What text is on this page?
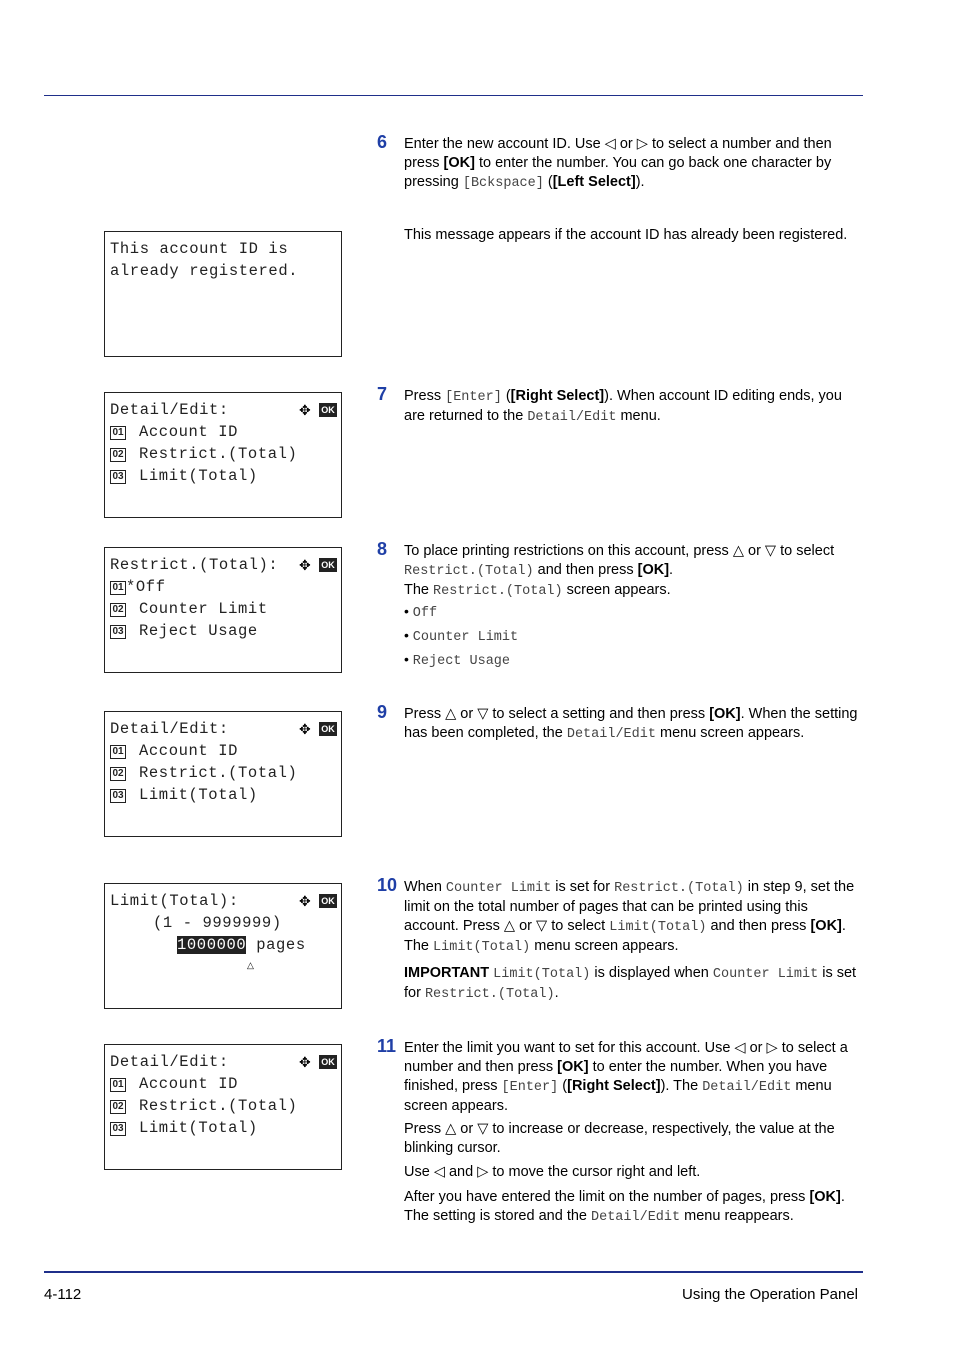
This account ID is
already registered.
Detail/Edit:	✥ OK
01 Account ID
02 Restrict.(Total)
03 Limit(Total)
Restrict.(Total): ✥ OK
01 *Off
02 Counter Limit
03 Reject Usage
Detail/Edit:	✥ OK
01 Account ID
02 Restrict.(Total)
03 Limit(Total)
Limit(Total):	✥ OK
(1 - 9999999)
1000000 pages
△
Detail/Edit:	✥ OK
01 Account ID
02 Restrict.(Total)
03 Limit(Total)
6 Enter the new account ID. Use ◁ or ▷ to select a number and then press [OK] to enter the number. You can go back one character by pressing [Bckspace] ([Left Select]).
This message appears if the account ID has already been registered.
7 Press [Enter] ([Right Select]). When account ID editing ends, you are returned to the Detail/Edit menu.
8 To place printing restrictions on this account, press △ or ▽ to select Restrict.(Total) and then press [OK].
The Restrict.(Total) screen appears.
• Off
• Counter Limit
• Reject Usage
9 Press △ or ▽ to select a setting and then press [OK]. When the setting has been completed, the Detail/Edit menu screen appears.
10 When Counter Limit is set for Restrict.(Total) in step 9, set the limit on the total number of pages that can be printed using this account. Press △ or ▽ to select Limit(Total) and then press [OK]. The Limit(Total) menu screen appears.
IMPORTANT Limit(Total) is displayed when Counter Limit is set for Restrict.(Total).
11 Enter the limit you want to set for this account. Use ◁ or ▷ to select a number and then press [OK] to enter the number. When you have finished, press [Enter] ([Right Select]). The Detail/Edit menu screen appears.
Press △ or ▽ to increase or decrease, respectively, the value at the blinking cursor.
Use ◁ and ▷ to move the cursor right and left.
After you have entered the limit on the number of pages, press [OK]. The setting is stored and the Detail/Edit menu reappears.
4-112	Using the Operation Panel
